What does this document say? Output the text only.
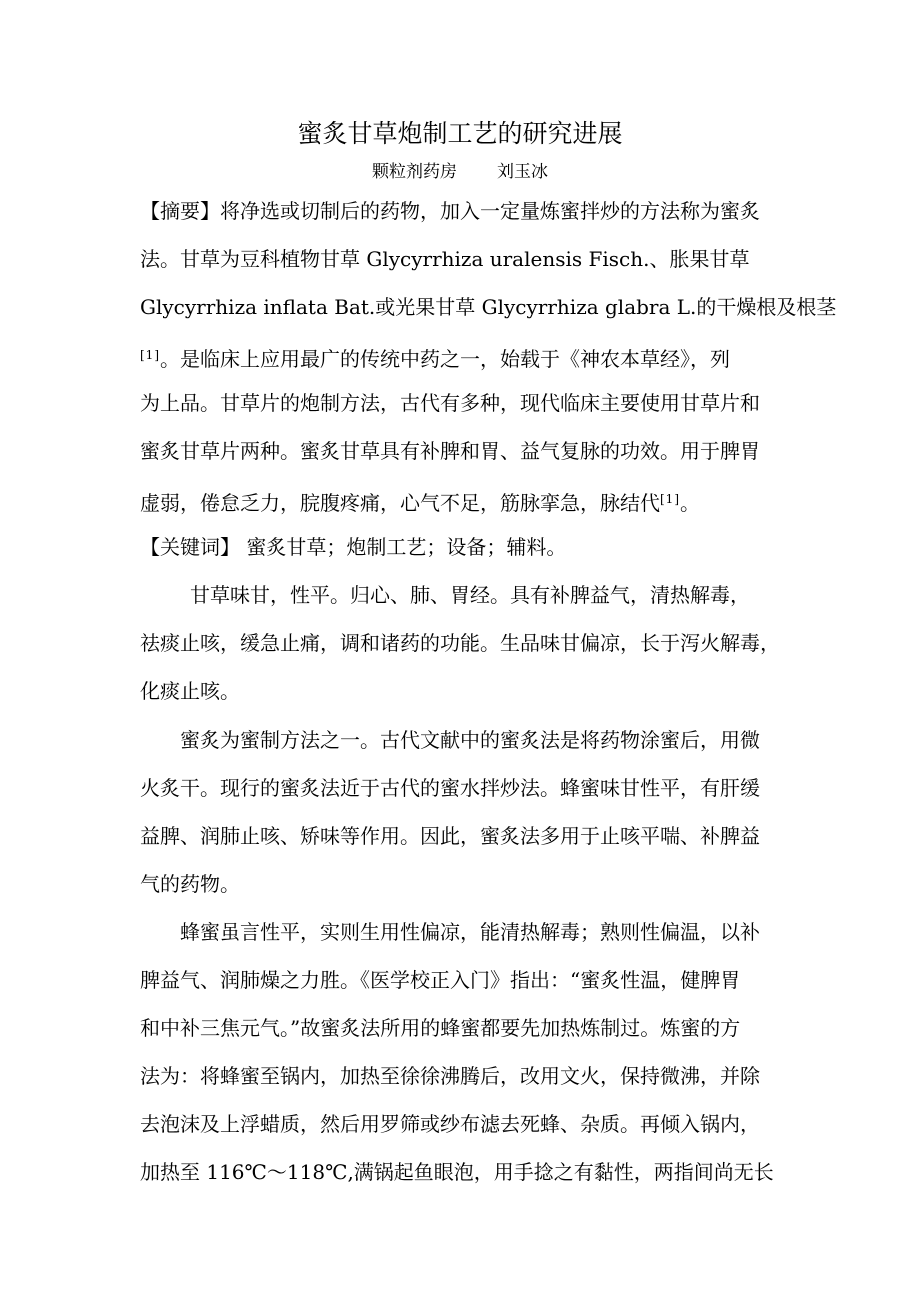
蜜炙甘草炮制工艺的研究进展
颗粒剂药房 刘玉冰
【摘要】将净选或切制后的药物，加入一定量炼蜜拌炒的方法称为蜜炙
法。甘草为豆科植物甘草 Glycyrrhiza uralensis Fisch.、胀果甘草
Glycyrrhiza inflata Bat.或光果甘草 Glycyrrhiza glabra L.的干燥根及根茎
[1]。是临床上应用最广的传统中药之一，始载于《神农本草经》，列
为上品。甘草片的炮制方法，古代有多种，现代临床主要使用甘草片和
蜜炙甘草片两种。蜜炙甘草具有补脾和胃、益气复脉的功效。用于脾胃
虚弱，倦怠乏力，脘腹疼痛，心气不足，筋脉挛急，脉结代[1]。
【关键词】 蜜炙甘草；炮制工艺；设备；辅料。
甘草味甘，性平。归心、肺、胃经。具有补脾益气，清热解毒，
祛痰止咳，缓急止痛，调和诸药的功能。生品味甘偏凉，长于泻火解毒，
化痰止咳。
蜜炙为蜜制方法之一。古代文献中的蜜炙法是将药物涂蜜后，用微
火炙干。现行的蜜炙法近于古代的蜜水拌炒法。蜂蜜味甘性平，有肝缓
益脾、润肺止咳、矫味等作用。因此，蜜炙法多用于止咳平喘、补脾益
气的药物。
蜂蜜虽言性平，实则生用性偏凉，能清热解毒；熟则性偏温，以补
脾益气、润肺燥之力胜。《医学校正入门》指出：“蜜炙性温，健脾胃
和中补三焦元气。”故蜜炙法所用的蜂蜜都要先加热炼制过。炼蜜的方
法为：将蜂蜜至锅内，加热至徐徐沸腾后，改用文火，保持微沸，并除
去泡沫及上浮蜡质，然后用罗筛或纱布滤去死蜂、杂质。再倾入锅内，
加热至 116℃～118℃,满锅起鱼眼泡，用手捻之有黏性，两指间尚无长
